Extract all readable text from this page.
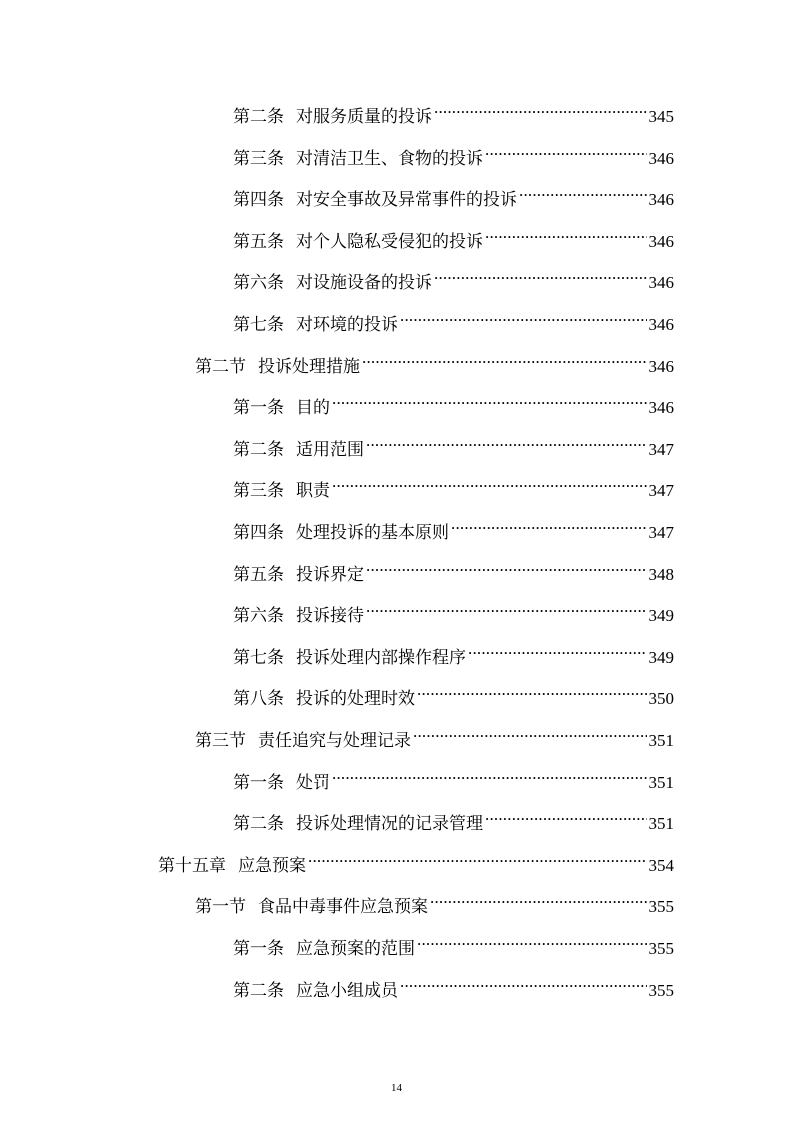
第二条 对服务质量的投诉 .....	345
第三条 对清洁卫生、食物的投诉 .....	346
第四条 对安全事故及异常事件的投诉 .....	346
第五条 对个人隐私受侵犯的投诉 .....	346
第六条 对设施设备的投诉 .....	346
第七条 对环境的投诉 .....	346
第二节 投诉处理措施 .....	346
第一条 目的 .....	346
第二条 适用范围 .....	347
第三条 职责 .....	347
第四条 处理投诉的基本原则 .....	347
第五条 投诉界定 .....	348
第六条 投诉接待 .....	349
第七条 投诉处理内部操作程序 .....	349
第八条 投诉的处理时效 .....	350
第三节 责任追究与处理记录 .....	351
第一条 处罚 .....	351
第二条 投诉处理情况的记录管理 .....	351
第十五章 应急预案 .....	354
第一节 食品中毒事件应急预案 .....	355
第一条 应急预案的范围 .....	355
第二条 应急小组成员 .....	355
14
